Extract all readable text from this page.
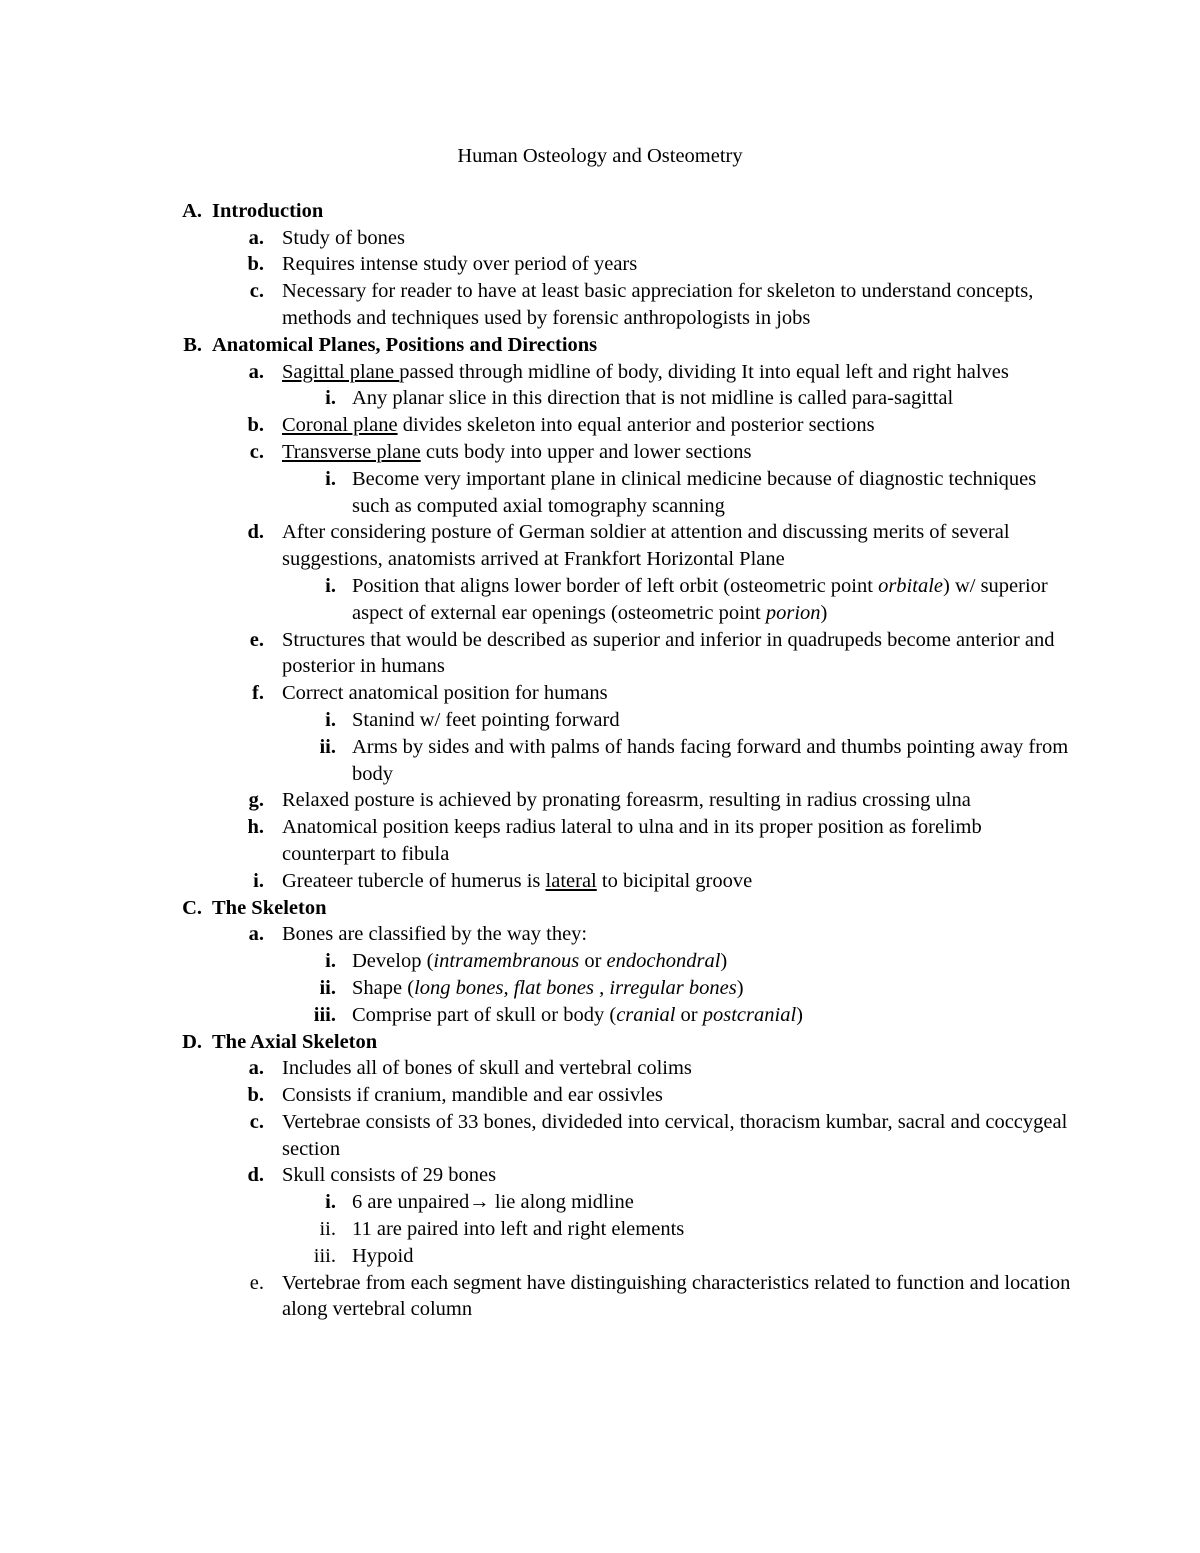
Human Osteology and Osteometry
A. Introduction
a. Study of bones
b. Requires intense study over period of years
c. Necessary for reader to have at least basic appreciation for skeleton to understand concepts, methods and techniques used by forensic anthropologists in jobs
B. Anatomical Planes, Positions and Directions
a. Sagittal plane passed through midline of body, dividing It into equal left and right halves
i. Any planar slice in this direction that is not midline is called para-sagittal
b. Coronal plane divides skeleton into equal anterior and posterior sections
c. Transverse plane cuts body into upper and lower sections
i. Become very important plane in clinical medicine because of diagnostic techniques such as computed axial tomography scanning
d. After considering posture of German soldier at attention and discussing merits of several suggestions, anatomists arrived at Frankfort Horizontal Plane
i. Position that aligns lower border of left orbit (osteometric point orbitale) w/ superior aspect of external ear openings (osteometric point porion)
e. Structures that would be described as superior and inferior in quadrupeds become anterior and posterior in humans
f. Correct anatomical position for humans
i. Stanind w/ feet pointing forward
ii. Arms by sides and with palms of hands facing forward and thumbs pointing away from body
g. Relaxed posture is achieved by pronating foreasrm, resulting in radius crossing ulna
h. Anatomical position keeps radius lateral to ulna and in its proper position as forelimb counterpart to fibula
i. Greateer tubercle of humerus is lateral to bicipital groove
C. The Skeleton
a. Bones are classified by the way they:
i. Develop (intramembranous or endochondral)
ii. Shape (long bones, flat bones , irregular bones)
iii. Comprise part of skull or body (cranial or postcranial)
D. The Axial Skeleton
a. Includes all of bones of skull and vertebral colims
b. Consists if cranium, mandible and ear ossivles
c. Vertebrae consists of 33 bones, divideded into cervical, thoracism kumbar, sacral and coccygeal section
d. Skull consists of 29 bones
i. 6 are unpaired→ lie along midline
ii. 11 are paired into left and right elements
iii. Hypoid
e. Vertebrae from each segment have distinguishing characteristics related to function and location along vertebral column
